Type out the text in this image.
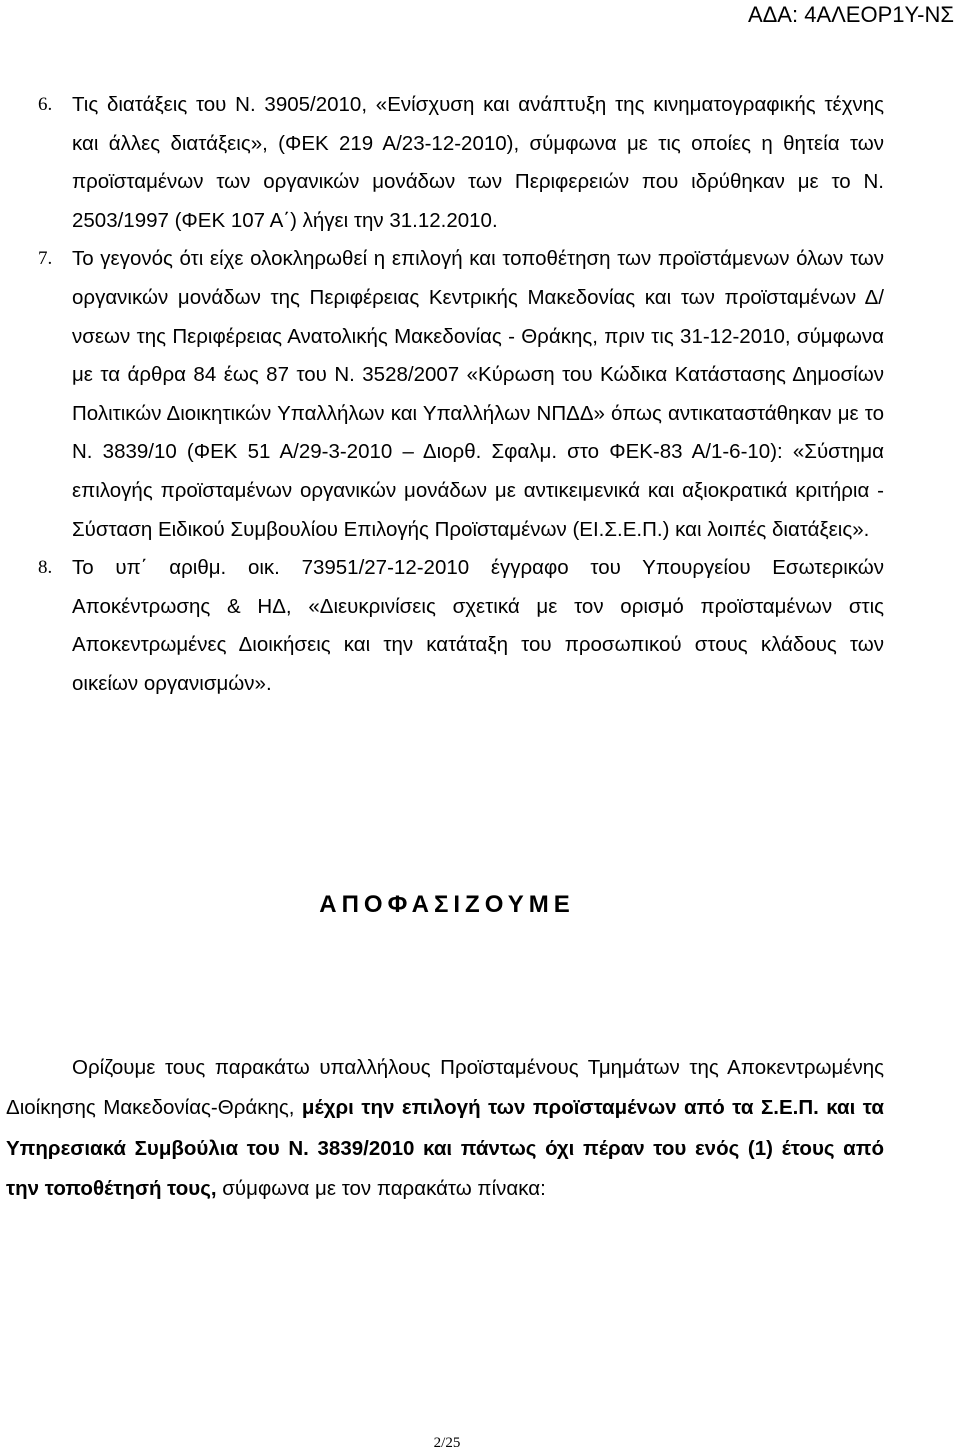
ΑΔΑ: 4ΑΛΕΟΡ1Υ-ΝΣ
6. Τις διατάξεις του Ν. 3905/2010, «Ενίσχυση και ανάπτυξη της κινηματογραφικής τέχνης και άλλες διατάξεις», (ΦΕΚ 219 Α/23-12-2010), σύμφωνα με τις οποίες η θητεία των προϊσταμένων των οργανικών μονάδων των Περιφερειών που ιδρύθηκαν με το Ν. 2503/1997 (ΦΕΚ 107 Α΄) λήγει την 31.12.2010.
7. Το γεγονός ότι είχε ολοκληρωθεί η επιλογή και τοποθέτηση των προϊστάμενων όλων των οργανικών μονάδων της Περιφέρειας Κεντρικής Μακεδονίας και των προϊσταμένων Δ/νσεων της Περιφέρειας Ανατολικής Μακεδονίας - Θράκης, πριν τις 31-12-2010, σύμφωνα με τα άρθρα 84 έως 87 του Ν. 3528/2007 «Κύρωση του Κώδικα Κατάστασης Δημοσίων Πολιτικών Διοικητικών Υπαλλήλων και Υπαλλήλων ΝΠΔΔ» όπως αντικαταστάθηκαν με το Ν. 3839/10 (ΦΕΚ 51 Α/29-3-2010 – Διορθ. Σφαλμ. στο ΦΕΚ-83 Α/1-6-10): «Σύστημα επιλογής προϊσταμένων οργανικών μονάδων με αντικειμενικά και αξιοκρατικά κριτήρια - Σύσταση Ειδικού Συμβουλίου Επιλογής Προϊσταμένων (ΕΙ.Σ.Ε.Π.) και λοιπές διατάξεις».
8. Το υπ΄ αριθμ. οικ. 73951/27-12-2010 έγγραφο του Υπουργείου Εσωτερικών Αποκέντρωσης & ΗΔ, «Διευκρινίσεις σχετικά με τον ορισμό προϊσταμένων στις Αποκεντρωμένες Διοικήσεις και την κατάταξη του προσωπικού στους κλάδους των οικείων οργανισμών».
ΑΠΟΦΑΣΙΖΟΥΜΕ

Ορίζουμε τους παρακάτω υπαλλήλους Προϊσταμένους Τμημάτων της Αποκεντρωμένης Διοίκησης Μακεδονίας-Θράκης, μέχρι την επιλογή των προϊσταμένων από τα Σ.Ε.Π. και τα Υπηρεσιακά Συμβούλια του Ν. 3839/2010 και πάντως όχι πέραν του ενός (1) έτους από την τοποθέτησή τους, σύμφωνα με τον παρακάτω πίνακα:

2/25
